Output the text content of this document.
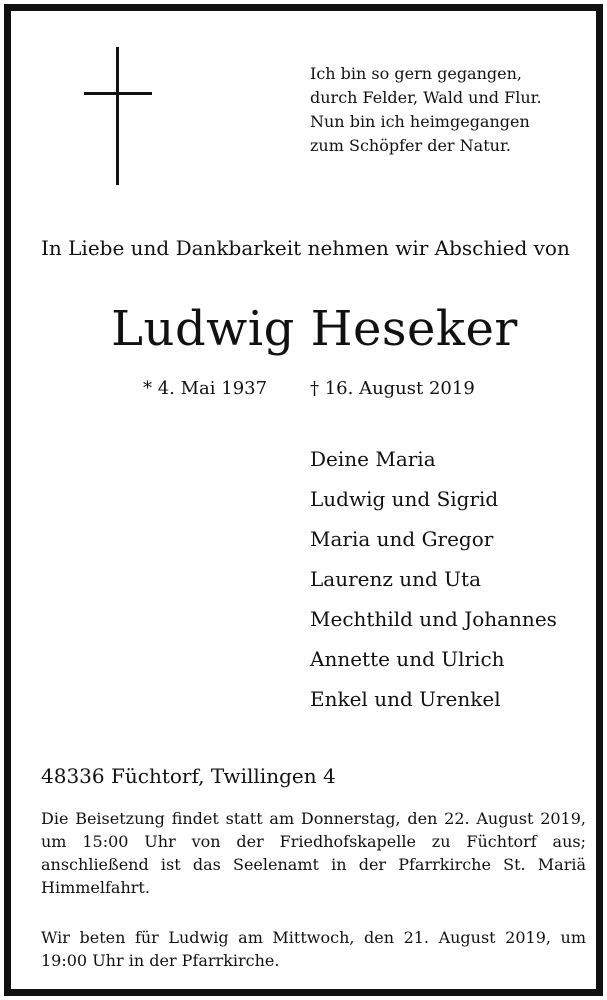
Ich bin so gern gegangen,
durch Felder, Wald und Flur.
Nun bin ich heimgegangen
zum Schöpfer der Natur.
In Liebe und Dankbarkeit nehmen wir Abschied von
Ludwig Heseker
* 4. Mai 1937 † 16. August 2019
Deine Maria
Ludwig und Sigrid
Maria und Gregor
Laurenz und Uta
Mechthild und Johannes
Annette und Ulrich
Enkel und Urenkel
48336 Füchtorf, Twillingen 4
Die Beisetzung findet statt am Donnerstag, den 22. August 2019, um 15:00 Uhr von der Friedhofskapelle zu Füchtorf aus; anschließend ist das Seelenamt in der Pfarrkirche St. Mariä Himmelfahrt.
Wir beten für Ludwig am Mittwoch, den 21. August 2019, um 19:00 Uhr in der Pfarrkirche.
